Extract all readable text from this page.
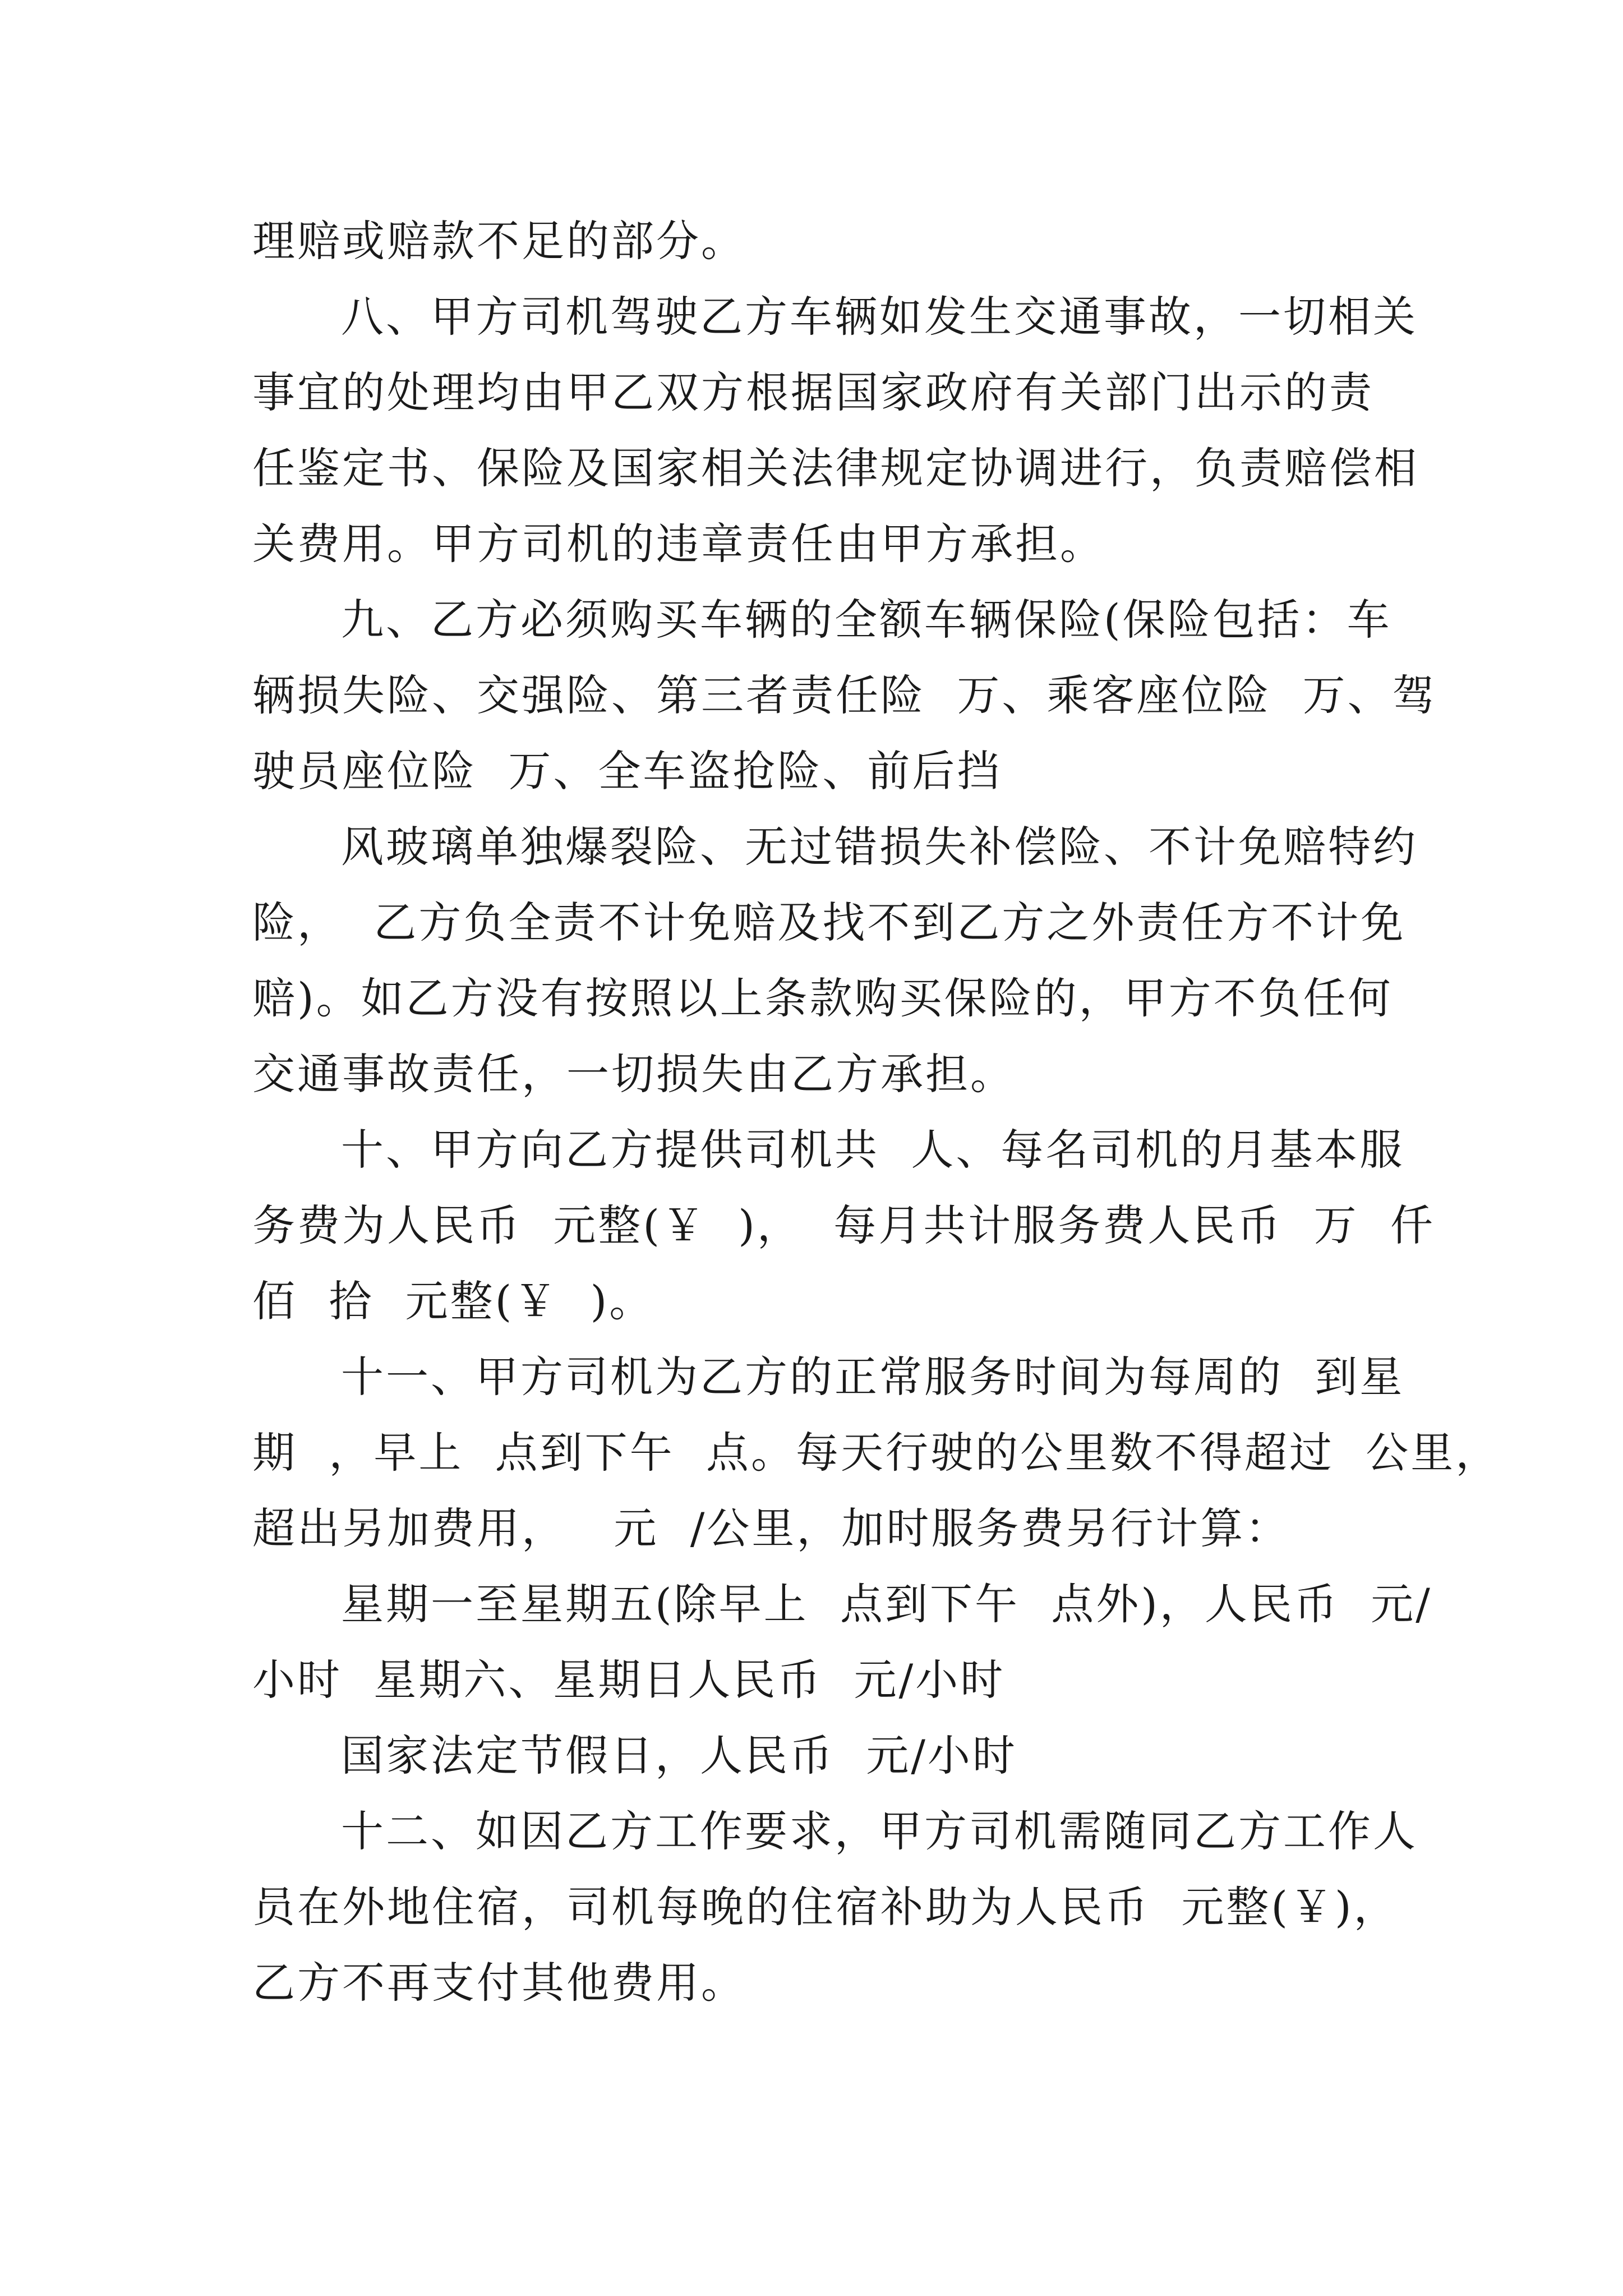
理赔或赔款不足的部分。
八、甲方司机驾驶乙方车辆如发生交通事故，一切相关
事宜的处理均由甲乙双方根据国家政府有关部门出示的责
任鉴定书、保险及国家相关法律规定协调进行，负责赔偿相
关费用。甲方司机的违章责任由甲方承担。
九、乙方必须购买车辆的全额车辆保险(保险包括：车
辆损失险、交强险、第三者责任险  万、乘客座位险  万、驾
驶员座位险  万、全车盗抢险、前后挡
风玻璃单独爆裂险、无过错损失补偿险、不计免赔特约
险，  乙方负全责不计免赔及找不到乙方之外责任方不计免
赔)。如乙方没有按照以上条款购买保险的，甲方不负任何
交通事故责任，一切损失由乙方承担。
十、甲方向乙方提供司机共  人、每名司机的月基本服
务费为人民币  元整(￥  )，  每月共计服务费人民币  万  仟
佰  拾  元整(￥  )。
十一、甲方司机为乙方的正常服务时间为每周的  到星
期  ，早上  点到下午  点。每天行驶的公里数不得超过  公里，
超出另加费用，   元  /公里，加时服务费另行计算：
星期一至星期五(除早上  点到下午  点外)，人民币  元/
小时  星期六、星期日人民币  元/小时
国家法定节假日，人民币  元/小时
十二、如因乙方工作要求，甲方司机需随同乙方工作人
员在外地住宿，司机每晚的住宿补助为人民币  元整(￥)，
乙方不再支付其他费用。
